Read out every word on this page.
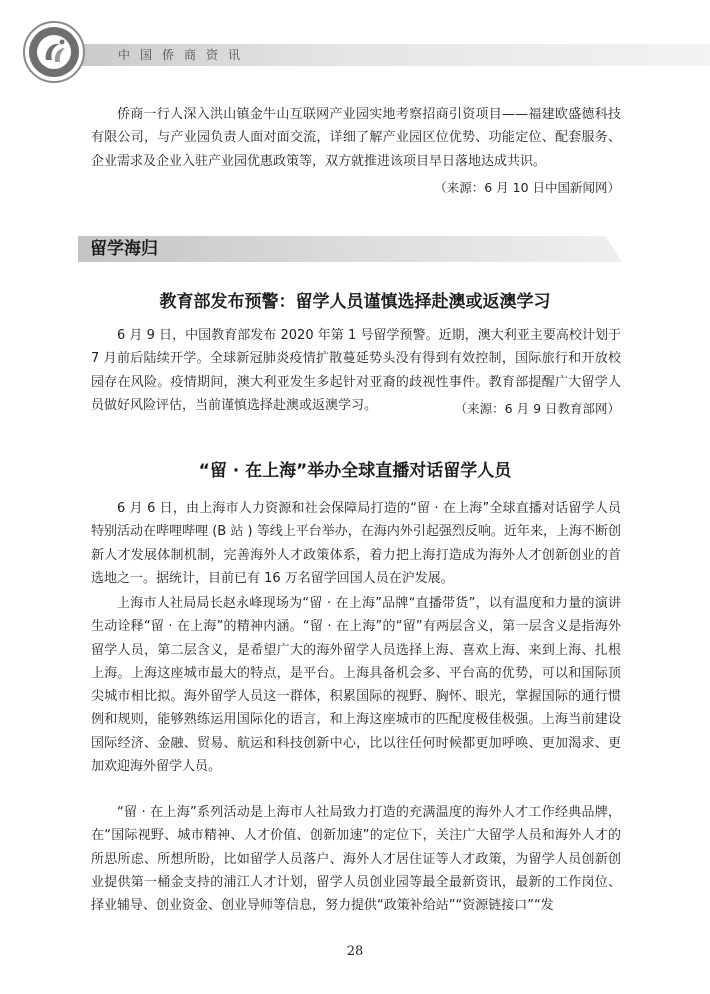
中国侨商资讯

侨商一行人深入洪山镇金牛山互联网产业园实地考察招商引资项目——福建欧盛德科技有限公司，与产业园负责人面对面交流，详细了解产业园区位优势、功能定位、配套服务、企业需求及企业入驻产业园优惠政策等，双方就推进该项目早日落地达成共识。

（来源：6 月 10 日中国新闻网）
留学海归
教育部发布预警：留学人员谨慎选择赴澳或返澳学习

6 月 9 日，中国教育部发布 2020 年第 1 号留学预警。近期，澳大利亚主要高校计划于 7 月前后陆续开学。全球新冠肺炎疫情扩散蔓延势头没有得到有效控制，国际旅行和开放校园存在风险。疫情期间，澳大利亚发生多起针对亚裔的歧视性事件。教育部提醒广大留学人员做好风险评估，当前谨慎选择赴澳或返澳学习。	（来源：6 月 9 日教育部网）
“留 · 在上海”举办全球直播对话留学人员

6 月 6 日，由上海市人力资源和社会保障局打造的“留 · 在上海”全球直播对话留学人员特别活动在哔哩哔哩 (B 站 ) 等线上平台举办，在海内外引起强烈反响。近年来，上海不断创新人才发展体制机制，完善海外人才政策体系，着力把上海打造成为海外人才创新创业的首选地之一。据统计，目前已有 16 万名留学回国人员在沪发展。

上海市人社局局长赵永峰现场为“留 · 在上海”品牌“直播带货”，以有温度和力量的演讲生动诠释“留 · 在上海”的精神内涵。“留 · 在上海”的“留”有两层含义，第一层含义是指海外留学人员，第二层含义，是希望广大的海外留学人员选择上海、喜欢上海、来到上海、扎根上海。上海这座城市最大的特点，是平台。上海具备机会多、平台高的优势，可以和国际顶尖城市相比拟。海外留学人员这一群体，积累国际的视野、胸怀、眼光，掌握国际的通行惯例和规则，能够熟练运用国际化的语言，和上海这座城市的匹配度极佳极强。上海当前建设国际经济、金融、贸易、航运和科技创新中心，比以往任何时候都更加呼唤、更加渴求、更加欢迎海外留学人员。

“留 · 在上海”系列活动是上海市人社局致力打造的充满温度的海外人才工作经典品牌，在“国际视野、城市精神、人才价值、创新加速”的定位下，关注广大留学人员和海外人才的所思所虑、所想所盼，比如留学人员落户、海外人才居住证等人才政策，为留学人员创新创业提供第一桶金支持的浦江人才计划，留学人员创业园等最全最新资讯，最新的工作岗位、择业辅导、创业资金、创业导师等信息，努力提供“政策补给站”“资源链接口”“发

28
